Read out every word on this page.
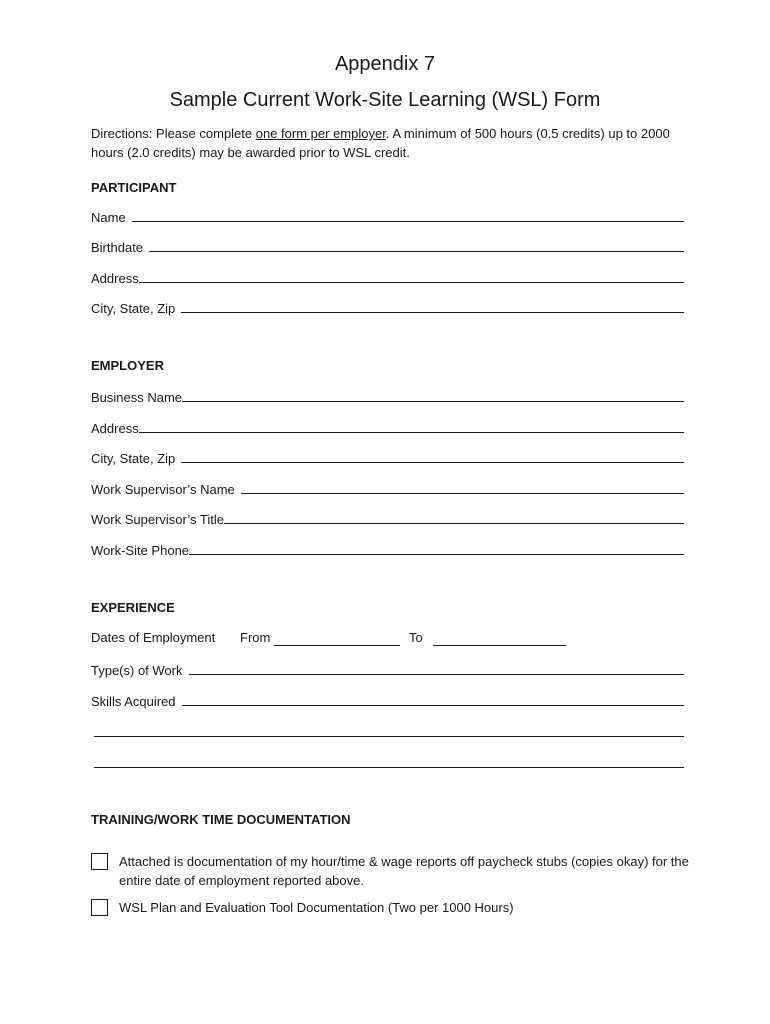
Appendix 7
Sample Current Work-Site Learning (WSL) Form
Directions: Please complete one form per employer. A minimum of 500 hours (0.5 credits) up to 2000 hours (2.0 credits) may be awarded prior to WSL credit.
PARTICIPANT
Name
Birthdate
Address
City, State, Zip
EMPLOYER
Business Name
Address
City, State, Zip
Work Supervisor’s Name
Work Supervisor’s Title
Work-Site Phone
EXPERIENCE
Dates of Employment From	To
Type(s) of Work
Skills Acquired
TRAINING/WORK TIME DOCUMENTATION
Attached is documentation of my hour/time & wage reports off paycheck stubs (copies okay) for the entire date of employment reported above.
WSL Plan and Evaluation Tool Documentation (Two per 1000 Hours)
